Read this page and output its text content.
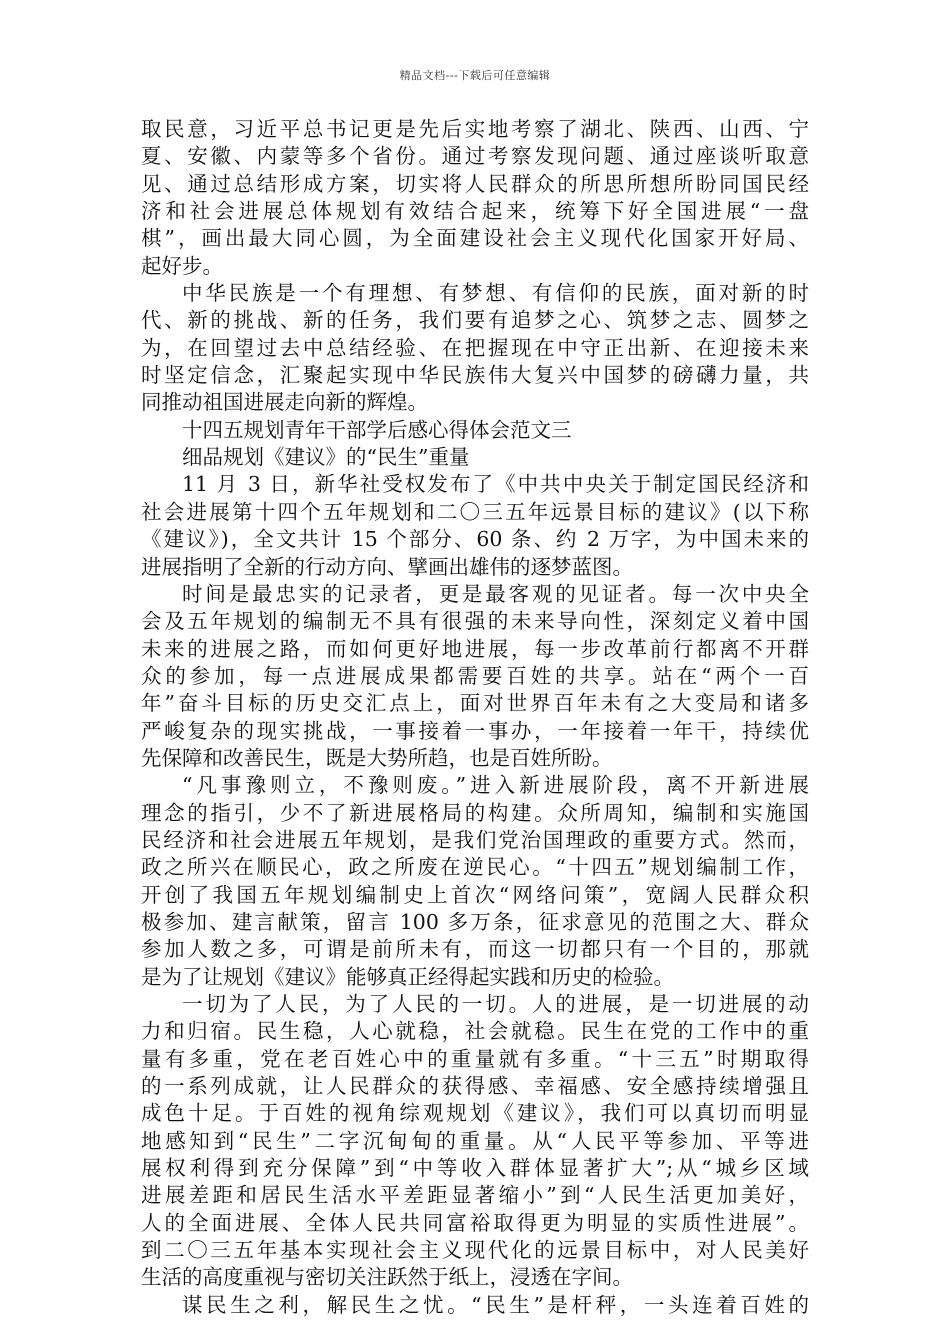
精品文档---下载后可任意编辑
取民意，习近平总书记更是先后实地考察了湖北、陕西、山西、宁
夏、安徽、内蒙等多个省份。通过考察发现问题、通过座谈听取意
见、通过总结形成方案，切实将人民群众的所思所想所盼同国民经
济和社会进展总体规划有效结合起来，统筹下好全国进展“一盘
棋”，画出最大同心圆，为全面建设社会主义现代化国家开好局、
起好步。
中华民族是一个有理想、有梦想、有信仰的民族，面对新的时
代、新的挑战、新的任务，我们要有追梦之心、筑梦之志、圆梦之
为，在回望过去中总结经验、在把握现在中守正出新、在迎接未来
时坚定信念，汇聚起实现中华民族伟大复兴中国梦的磅礴力量，共
同推动祖国进展走向新的辉煌。
十四五规划青年干部学后感心得体会范文三
细品规划《建议》的“民生”重量
11 月 3 日，新华社受权发布了《中共中央关于制定国民经济和
社会进展第十四个五年规划和二〇三五年远景目标的建议》(以下称
《建议》)，全文共计 15 个部分、60 条、约 2 万字，为中国未来的
进展指明了全新的行动方向、擘画出雄伟的逐梦蓝图。
时间是最忠实的记录者，更是最客观的见证者。每一次中央全
会及五年规划的编制无不具有很强的未来导向性，深刻定义着中国
未来的进展之路，而如何更好地进展，每一步改革前行都离不开群
众的参加，每一点进展成果都需要百姓的共享。站在“两个一百
年”奋斗目标的历史交汇点上，面对世界百年未有之大变局和诸多
严峻复杂的现实挑战，一事接着一事办，一年接着一年干，持续优
先保障和改善民生，既是大势所趋，也是百姓所盼。
“凡事豫则立，不豫则废。”进入新进展阶段，离不开新进展
理念的指引，少不了新进展格局的构建。众所周知，编制和实施国
民经济和社会进展五年规划，是我们党治国理政的重要方式。然而，
政之所兴在顺民心，政之所废在逆民心。“十四五”规划编制工作，
开创了我国五年规划编制史上首次“网络问策”，宽阔人民群众积
极参加、建言献策，留言 100 多万条，征求意见的范围之大、群众
参加人数之多，可谓是前所未有，而这一切都只有一个目的，那就
是为了让规划《建议》能够真正经得起实践和历史的检验。
一切为了人民，为了人民的一切。人的进展，是一切进展的动
力和归宿。民生稳，人心就稳，社会就稳。民生在党的工作中的重
量有多重，党在老百姓心中的重量就有多重。“十三五”时期取得
的一系列成就，让人民群众的获得感、幸福感、安全感持续增强且
成色十足。于百姓的视角综观规划《建议》，我们可以真切而明显
地感知到“民生”二字沉甸甸的重量。从“人民平等参加、平等进
展权利得到充分保障”到“中等收入群体显著扩大”;从“城乡区域
进展差距和居民生活水平差距显著缩小”到“人民生活更加美好，
人的全面进展、全体人民共同富裕取得更为明显的实质性进展”。
到二〇三五年基本实现社会主义现代化的远景目标中，对人民美好
生活的高度重视与密切关注跃然于纸上，浸透在字间。
谋民生之利，解民生之忧。“民生”是杆秤，一头连着百姓的
